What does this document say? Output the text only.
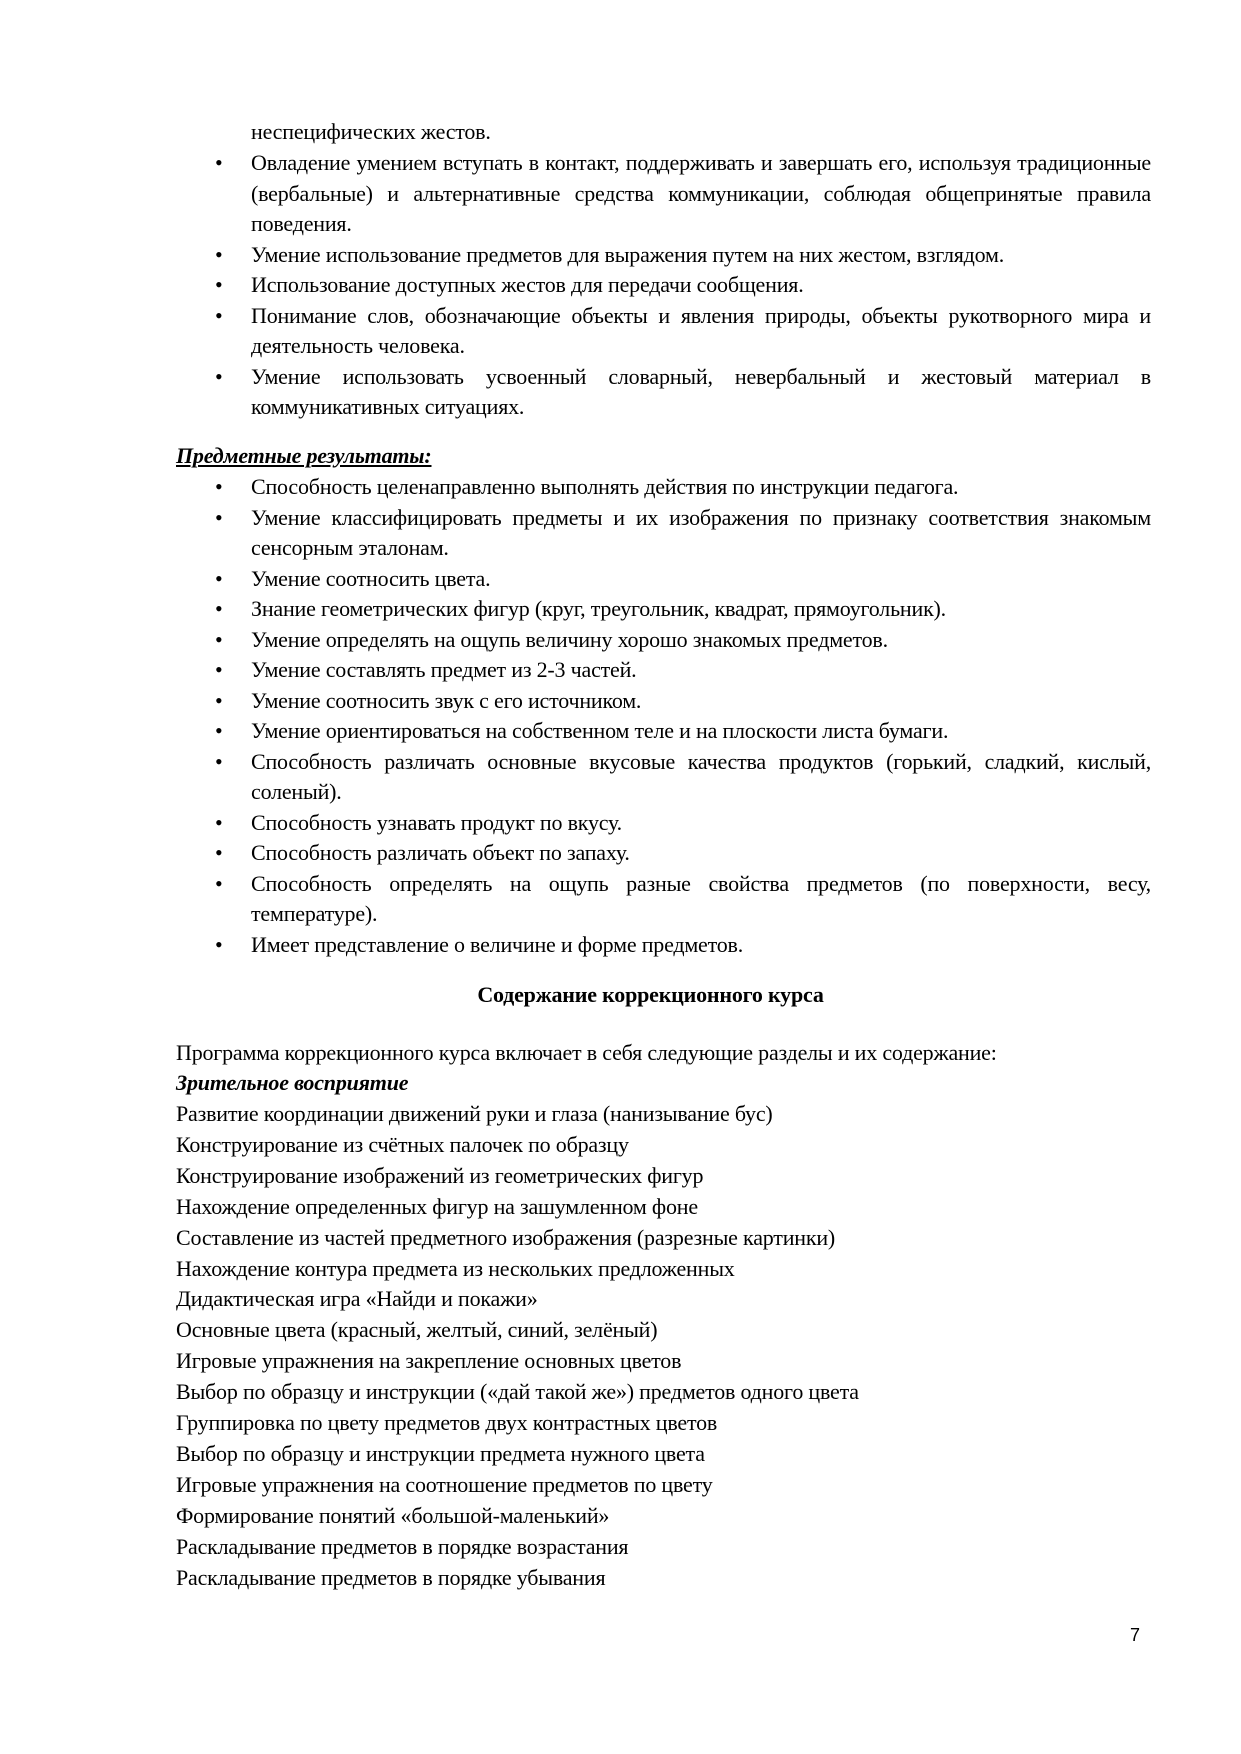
неспецифических жестов.
• Овладение умением вступать в контакт, поддерживать и завершать его, используя традиционные (вербальные) и альтернативные средства коммуникации, соблюдая общепринятые правила поведения.
• Умение использование предметов для выражения путем на них жестом, взглядом.
• Использование доступных жестов для передачи сообщения.
• Понимание слов, обозначающие объекты и явления природы, объекты рукотворного мира и деятельность человека.
• Умение использовать усвоенный словарный, невербальный и жестовый материал в коммуникативных ситуациях.
Предметные результаты:
• Способность целенаправленно выполнять действия по инструкции педагога.
• Умение классифицировать предметы и их изображения по признаку соответствия знакомым сенсорным эталонам.
• Умение соотносить цвета.
• Знание геометрических фигур (круг, треугольник, квадрат, прямоугольник).
• Умение определять на ощупь величину хорошо знакомых предметов.
• Умение составлять предмет из 2-3 частей.
• Умение соотносить звук с его источником.
• Умение ориентироваться на собственном теле и на плоскости листа бумаги.
• Способность различать основные вкусовые качества продуктов (горький, сладкий, кислый, соленый).
• Способность узнавать продукт по вкусу.
• Способность различать объект по запаху.
• Способность определять на ощупь разные свойства предметов (по поверхности, весу, температуре).
• Имеет представление о величине и форме предметов.
Содержание коррекционного курса
Программа коррекционного курса включает в себя следующие разделы и их содержание:
Зрительное восприятие
Развитие координации движений руки и глаза (нанизывание бус)
Конструирование из счётных палочек по образцу
Конструирование изображений из геометрических фигур
Нахождение определенных фигур на зашумленном фоне
Составление из частей предметного изображения (разрезные картинки)
Нахождение контура предмета из нескольких предложенных
Дидактическая игра «Найди и покажи»
Основные цвета (красный, желтый, синий, зелёный)
Игровые упражнения на закрепление основных цветов
Выбор по образцу и инструкции («дай такой же») предметов одного цвета
Группировка по цвету предметов двух контрастных цветов
Выбор по образцу и инструкции предмета нужного цвета
Игровые упражнения на соотношение предметов по цвету
Формирование понятий «большой-маленький»
Раскладывание предметов в порядке возрастания
Раскладывание предметов в порядке убывания
7
